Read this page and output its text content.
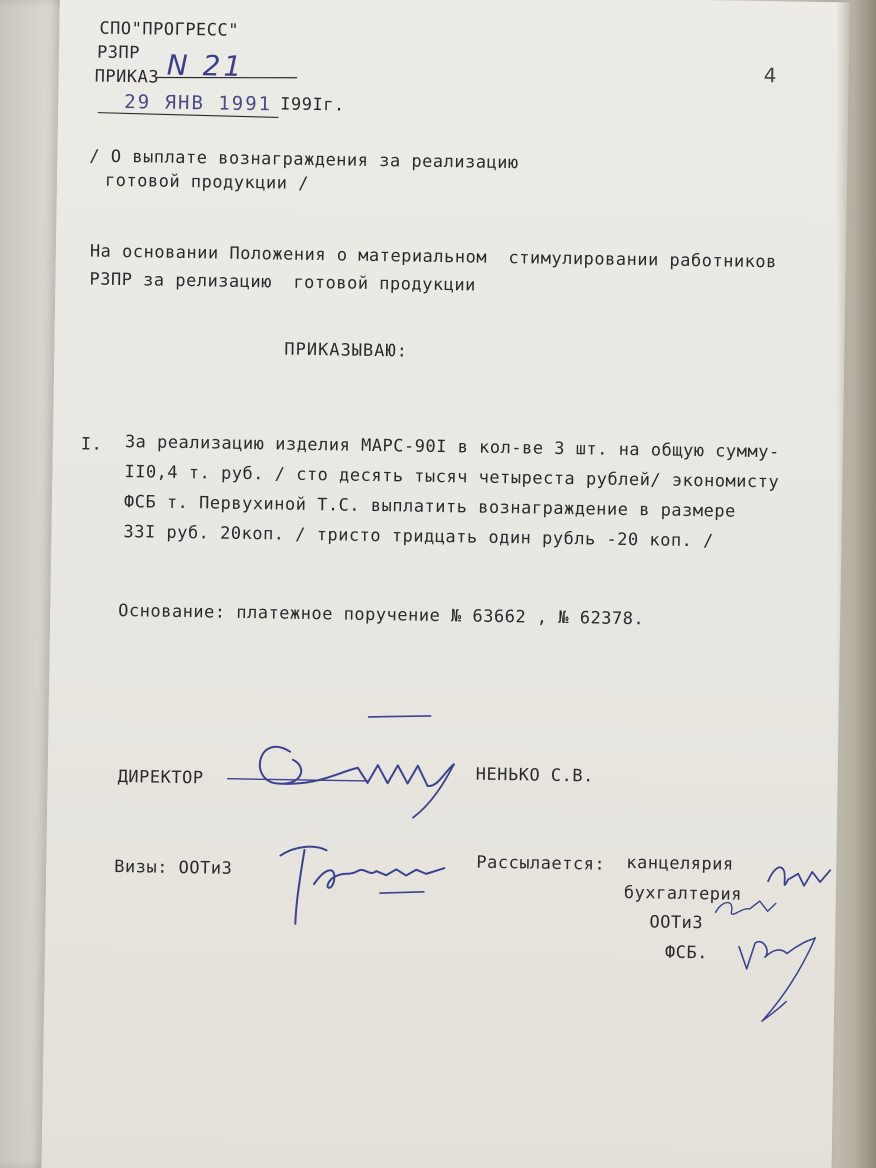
СПО"ПРОГРЕСС"
РЗПР
ПРИКАЗ N 21
29 ЯНВ 1991 I99Iг.
4
/ О выплате вознаграждения за реализацию
готовой продукции /
На основании Положения о материальном  стимулировании работников
РЗПР за релизацию  готовой продукции
ПРИКАЗЫВАЮ:
I. За реализацию изделия МАРС-90I в кол-ве 3 шт. на общую сумму-
II0,4 т. руб. / сто десять тысяч четыреста рублей/ экономисту
ФСБ т. Первухиной Т.С. выплатить вознаграждение в размере
33I руб. 20коп. / тристо тридцать один рубль -20 коп. /
Основание: платежное поручение № 63662 , № 62378.
ДИРЕКТОР	НЕНЬКО С.В.
Визы: ООТиЗ	Рассылается: канцелярия
бухгалтерия
ООТиЗ
ФСБ.
